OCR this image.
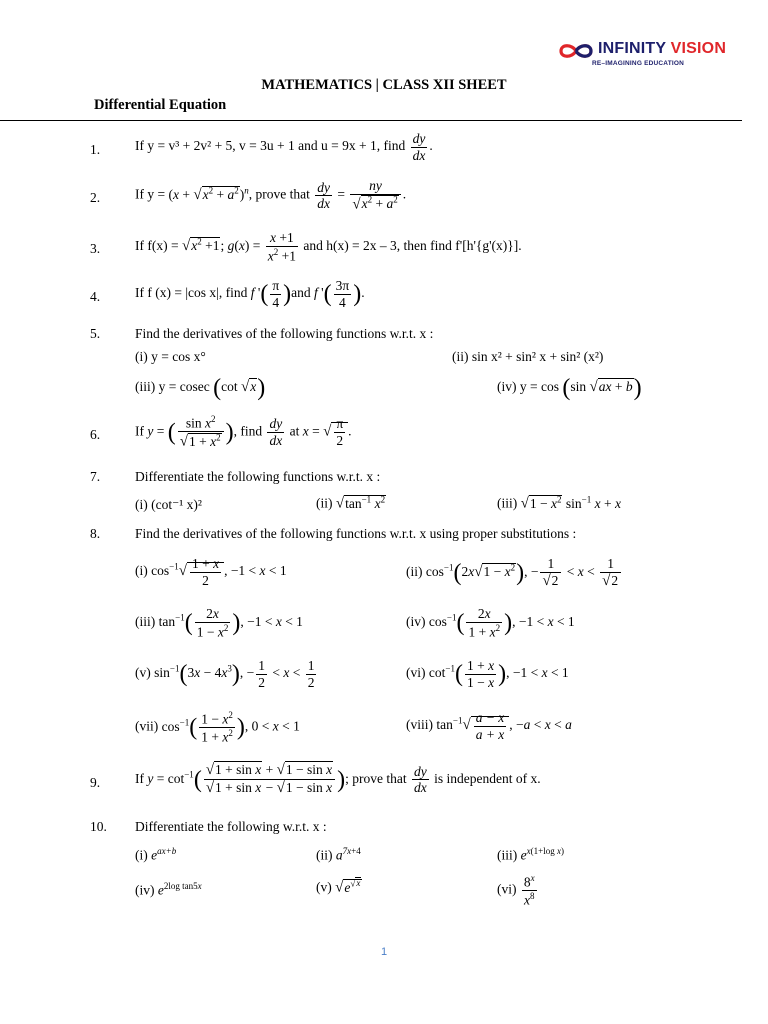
INFINITY VISION
RE–IMAGINING EDUCATION
MATHEMATICS | CLASS XII SHEET
Differential Equation
1.	If y = v³ + 2v² + 5, v = 3u + 1 and u = 9x + 1, find $\frac{dy}{dx}$ .
2.	If $y = (x + √x^2 + a^2)^n$, prove that $\frac{dy}{dx} = \frac{ny}{√x^2 + a^2}$ .
3.	If $f(x) = √x^2 +1$; $g(x) = \frac{x +1}{x^2 +1}$ and h(x) = 2x – 3, then find f'[h'{g'(x)}].
4.	If f (x) = |cos x|, find f '( $\frac{\pi}{4} )and$ f '( $\frac{3\pi}{4}$ ).
5.	Find the derivatives of the following functions w.r.t. x :
(i) y = cos x°	(ii) sin x² + sin² x + sin² (x²)
(iii) y = cosec (cot √x)	(iv) y = cos (sin √ax + b)
6.	If y = ( $\frac{\sin x^2}{√1 + x^2}$ ), find $\frac{dy}{dx}$ at x = √ $\frac{\pi}{2}$ .
7.	Differentiate the following functions w.r.t. x :
(i) (cot⁻¹ x)²	(ii) $√\tan^{-1}$ $x^2$	(iii) $√1 - x^2$ $\sin^{-1} x + x$
8.	Find the derivatives of the following functions w.r.t. x using proper substitutions :
(i) $\cos^{-1}√ \frac{1 + x}{2}$ , −1 < x < 1	(ii) $\cos^{-1}(2x√1 - x^2)$, − $\frac{1}{√2} < x < \frac{1}{√2}$
(iii) $\tan^{-1}( \frac{2x}{1 - x^2}$ ), −1 < x < 1	(iv) $\cos^{-1}( \frac{2x}{1 + x^2}$ ), −1 < x < 1
(v) $\sin^{-1}(3x - 4x^3)$, − $\frac{1}{2} < x < \frac{1}{2}$	(vi) $\cot^{-1}( \frac{1 + x}{1 - x}$ ), −1 < x < 1
(vii) $\cos^{-1}( \frac{1 - x^2}{1 + x^2}$ ), 0 < x < 1	(viii) $\tan^{-1}√ \frac{a - x}{a + x}$ , −a < x < a
9.	If $y = \cot^{-1}( \frac{\text{√1 + sin x + √1 − sin x}}{\text{√1 + sin x − √1 − sin x}}$ ); prove that $\frac{dy}{dx}$ is independent of x.
10. Differentiate the following w.r.t. x :
(i) $e^{ax+b}$	(ii) $a^{7x+4}$	(iii) $e^{x(1+log x)}$
(iv) $e^{2log tan5x}$	(v) $√e^{√x}$	$(vi) \frac{8^x}{x^8}$
1
